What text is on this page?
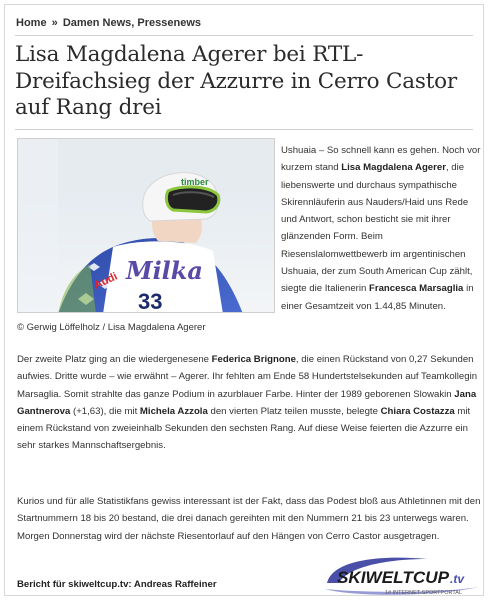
Home » Damen News, Pressenews
Lisa Magdalena Agerer bei RTL-Dreifachsieg der Azzurre in Cerro Castor auf Rang drei
Milka
33
Audi
timber
© Gerwig Löffelholz / Lisa Magdalena Agerer
Ushuaia – So schnell kann es gehen. Noch vor kurzem stand Lisa Magdalena Agerer, die liebenswerte und durchaus sympathische Skirennläuferin aus Nauders/Haid uns Rede und Antwort, schon besticht sie mit ihrer glänzenden Form. Beim Riesenslalomwettbewerb im argentinischen Ushuaia, der zum South American Cup zählt, siegte die Italienerin Francesca Marsaglia in einer Gesamtzeit von 1.44,85 Minuten.
Der zweite Platz ging an die wiedergenesene Federica Brignone, die einen Rückstand von 0,27 Sekunden aufwies. Dritte wurde – wie erwähnt – Agerer. Ihr fehlten am Ende 58 Hundertstelsekunden auf Teamkollegin Marsaglia. Somit strahlte das ganze Podium in azurblauer Farbe. Hinter der 1989 geborenen Slowakin Jana Gantnerova (+1,63), die mit Michela Azzola den vierten Platz teilen musste, belegte Chiara Costazza mit einem Rückstand von zweieinhalb Sekunden den sechsten Rang. Auf diese Weise feierten die Azzurre ein sehr starkes Mannschaftsergebnis.
Kurios und für alle Statistikfans gewiss interessant ist der Fakt, dass das Podest bloß aus Athletinnen mit den Startnummern 18 bis 20 bestand, die drei danach gereihten mit den Nummern 21 bis 23 unterwegs waren. Morgen Donnerstag wird der nächste Riesentorlauf auf den Hängen von Cerro Castor ausgetragen.
Bericht für skiweltcup.tv: Andreas Raffeiner	SKIWELTCUP .tv
1# INTERNET-SPORTPORTAL
